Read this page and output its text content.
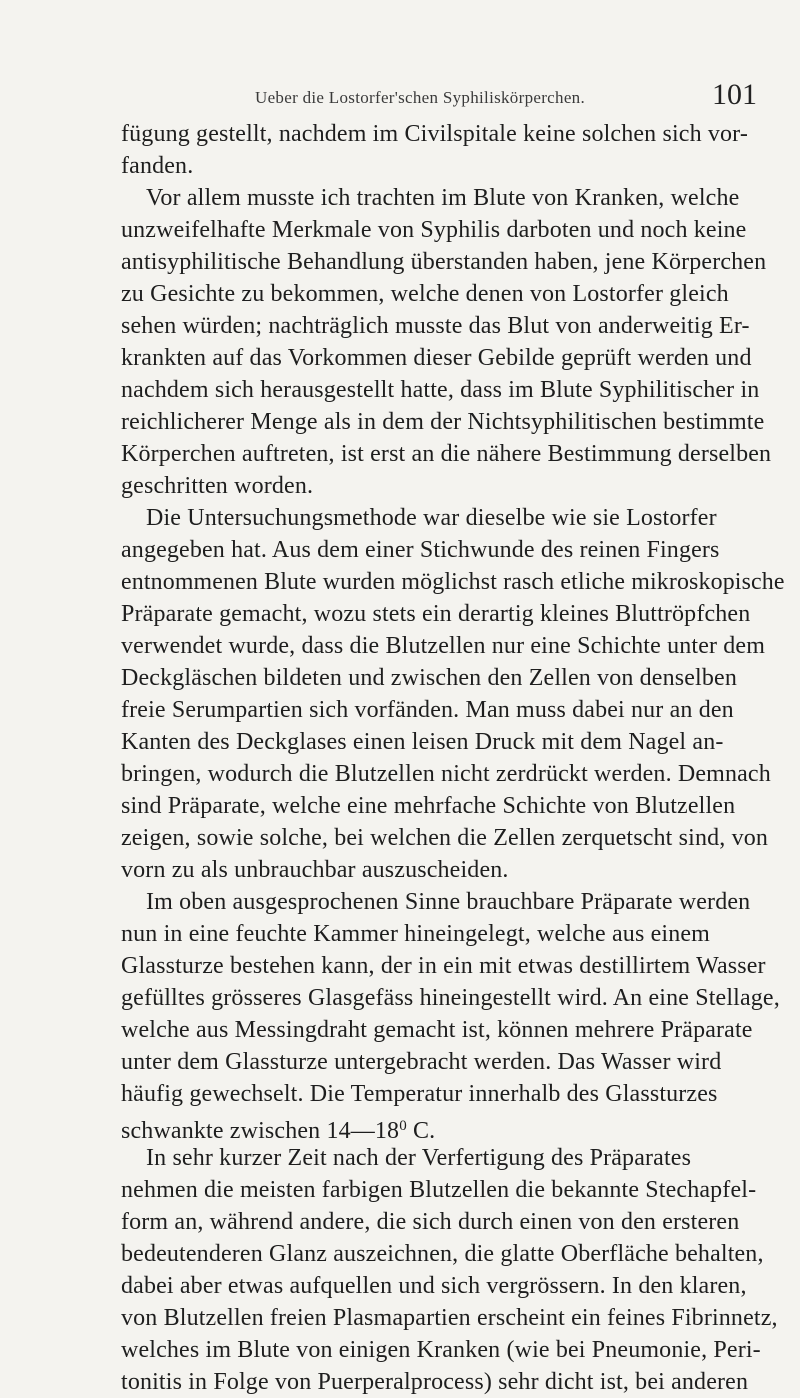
Ueber die Lostorfer'schen Syphiliskörperchen.	101
fügung gestellt, nachdem im Civilspitale keine solchen sich vor-
fanden.
Vor allem musste ich trachten im Blute von Kranken, welche
unzweifelhafte Merkmale von Syphilis darboten und noch keine
antisyphilitische Behandlung überstanden haben, jene Körperchen
zu Gesichte zu bekommen, welche denen von Lostorfer gleich
sehen würden; nachträglich musste das Blut von anderweitig Er-
krankten auf das Vorkommen dieser Gebilde geprüft werden und
nachdem sich herausgestellt hatte, dass im Blute Syphilitischer in
reichlicherer Menge als in dem der Nichtsyphilitischen bestimmte
Körperchen auftreten, ist erst an die nähere Bestimmung derselben
geschritten worden.
Die Untersuchungsmethode war dieselbe wie sie Lostorfer
angegeben hat. Aus dem einer Stichwunde des reinen Fingers
entnommenen Blute wurden möglichst rasch etliche mikroskopische
Präparate gemacht, wozu stets ein derartig kleines Bluttröpfchen
verwendet wurde, dass die Blutzellen nur eine Schichte unter dem
Deckgläschen bildeten und zwischen den Zellen von denselben
freie Serumpartien sich vorfänden. Man muss dabei nur an den
Kanten des Deckglases einen leisen Druck mit dem Nagel an-
bringen, wodurch die Blutzellen nicht zerdrückt werden. Demnach
sind Präparate, welche eine mehrfache Schichte von Blutzellen
zeigen, sowie solche, bei welchen die Zellen zerquetscht sind, von
vorn zu als unbrauchbar auszuscheiden.
Im oben ausgesprochenen Sinne brauchbare Präparate werden
nun in eine feuchte Kammer hineingelegt, welche aus einem
Glassturze bestehen kann, der in ein mit etwas destillirtem Wasser
gefülltes grösseres Glasgefäss hineingestellt wird. An eine Stellage,
welche aus Messingdraht gemacht ist, können mehrere Präparate
unter dem Glassturze untergebracht werden. Das Wasser wird
häufig gewechselt. Die Temperatur innerhalb des Glassturzes
schwankte zwischen $14—18^0$ C.
In sehr kurzer Zeit nach der Verfertigung des Präparates
nehmen die meisten farbigen Blutzellen die bekannte Stechapfel-
form an, während andere, die sich durch einen von den ersteren
bedeutenderen Glanz auszeichnen, die glatte Oberfläche behalten,
dabei aber etwas aufquellen und sich vergrössern. In den klaren,
von Blutzellen freien Plasmapartien erscheint ein feines Fibrinnetz,
welches im Blute von einigen Kranken (wie bei Pneumonie, Peri-
tonitis in Folge von Puerperalprocess) sehr dicht ist, bei anderen
